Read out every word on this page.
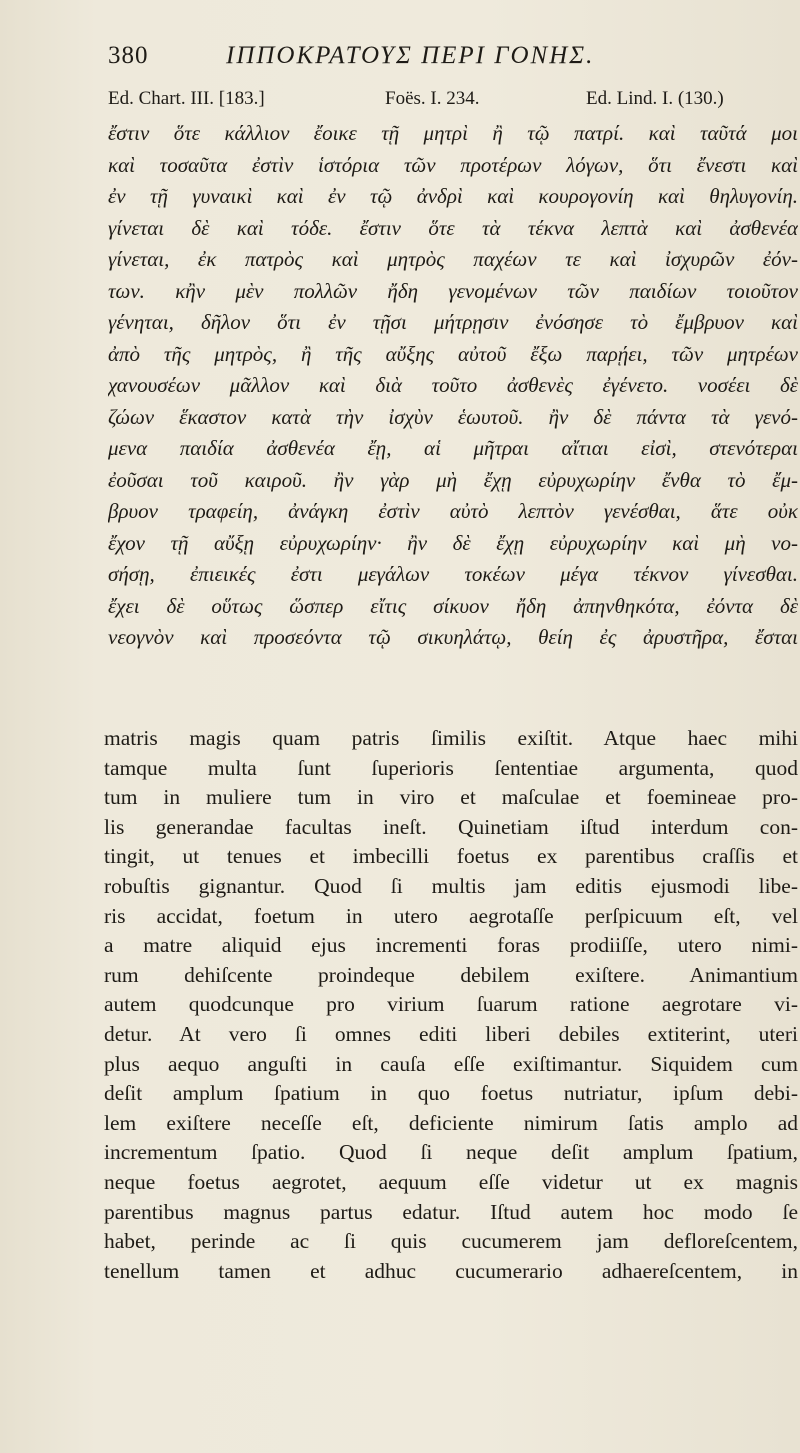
380	ΙΠΠΟΚΡΑΤΟΥΣ ΠΕΡΙ ΓΟΝΗΣ.
Ed. Chart. III. [183.]	Foës. I. 234.	Ed. Lind. I. (130.)
ἔστιν ὅτε κάλλιον ἔοικε τῇ μητρὶ ἢ τῷ πατρί. καὶ ταῦτά μοι
καὶ τοσαῦτα ἐστὶν ἱστόρια τῶν προτέρων λόγων, ὅτι ἔνεστι καὶ
ἐν τῇ γυναικὶ καὶ ἐν τῷ ἀνδρὶ καὶ κουρογονίη καὶ θηλυγονίη.
γίνεται δὲ καὶ τόδε. ἔστιν ὅτε τὰ τέκνα λεπτὰ καὶ ἀσθενέα
γίνεται, ἐκ πατρὸς καὶ μητρὸς παχέων τε καὶ ἰσχυρῶν ἐόν-
των. κἢν μὲν πολλῶν ἤδη γενομένων τῶν παιδίων τοιοῦτον
γένηται, δῆλον ὅτι ἐν τῇσι μήτρῃσιν ἐνόσησε τὸ ἔμβρυον καὶ
ἀπὸ τῆς μητρὸς, ἢ τῆς αὔξης αὐτοῦ ἔξω παρῄει, τῶν μητρέων
χανουσέων μᾶλλον καὶ διὰ τοῦτο ἀσθενὲς ἐγένετο. νοσέει δὲ
ζώων ἕκαστον κατὰ τὴν ἰσχὺν ἑωυτοῦ. ἢν δὲ πάντα τὰ γενό-
μενα παιδία ἀσθενέα ἔῃ, αἱ μῆτραι αἴτιαι εἰσὶ, στενότεραι
ἐοῦσαι τοῦ καιροῦ. ἢν γὰρ μὴ ἔχῃ εὐρυχωρίην ἔνθα τὸ ἔμ-
βρυον τραφείη, ἀνάγκη ἐστὶν αὐτὸ λεπτὸν γενέσθαι, ἅτε οὐκ
ἔχον τῇ αὔξῃ εὐρυχωρίην· ἢν δὲ ἔχῃ εὐρυχωρίην καὶ μὴ νο-
σήσῃ, ἐπιεικές ἐστι μεγάλων τοκέων μέγα τέκνον γίνεσθαι.
ἔχει δὲ οὕτως ὥσπερ εἴτις σίκυον ἤδη ἀπηνθηκότα, ἐόντα δὲ
νεογνὸν καὶ προσεόντα τῷ σικυηλάτῳ, θείη ἐς ἀρυστῆρα, ἔσται
matris magis quam patris ſimilis exiſtit. Atque haec mihi
tamque multa ſunt ſuperioris ſententiae argumenta, quod
tum in muliere tum in viro et maſculae et foemineae pro-
lis generandae facultas ineſt. Quinetiam iſtud interdum con-
tingit, ut tenues et imbecilli foetus ex parentibus craſſis et
robuſtis gignantur. Quod ſi multis jam editis ejusmodi libe-
ris accidat, foetum in utero aegrotaſſe perſpicuum eſt, vel
a matre aliquid ejus incrementi foras prodiiſſe, utero nimi-
rum dehiſcente proindeque debilem exiſtere. Animantium
autem quodcunque pro virium ſuarum ratione aegrotare vi-
detur. At vero ſi omnes editi liberi debiles extiterint, uteri
plus aequo anguſti in cauſa eſſe exiſtimantur. Siquidem cum
deſit amplum ſpatium in quo foetus nutriatur, ipſum debi-
lem exiſtere neceſſe eſt, deficiente nimirum ſatis amplo ad
incrementum ſpatio. Quod ſi neque deſit amplum ſpatium,
neque foetus aegrotet, aequum eſſe videtur ut ex magnis
parentibus magnus partus edatur. Iſtud autem hoc modo ſe
habet, perinde ac ſi quis cucumerem jam defloreſcentem,
tenellum tamen et adhuc cucumerario adhaereſcentem, in
